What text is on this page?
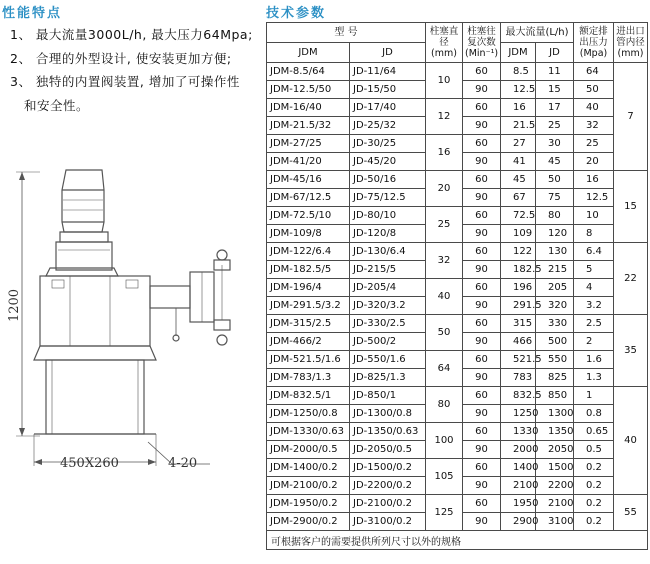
性能特点
1、 最大流量3000L/h, 最大压力64Mpa;
2、 合理的外型设计, 使安装更加方便;
3、 独特的内置阀装置, 增加了可操作性
和安全性。
1200
450X260	4-20
技术参数
型 号		柱塞直径
(mm)	柱塞往复次数
(Min⁻¹)	最大流量(L/h)		额定排出压力
(Mpa)	进出口管内径
(mm)
JDM	JD			JDM	JD		
JDM-8.5/64	JD-11/64	10	60	8.5	11	64	7
JDM-12.5/50	JD-15/50		90	12.5	15	50	
JDM-16/40	JD-17/40	12	60	16	17	40	
JDM-21.5/32	JD-25/32		90	21.5	25	32	
JDM-27/25	JD-30/25	16	60	27	30	25	
JDM-41/20	JD-45/20		90	41	45	20	
JDM-45/16	JD-50/16	20	60	45	50	16	15
JDM-67/12.5	JD-75/12.5		90	67	75	12.5	
JDM-72.5/10	JD-80/10	25	60	72.5	80	10	
JDM-109/8	JD-120/8		90	109	120	8	
JDM-122/6.4	JD-130/6.4	32	60	122	130	6.4	22
JDM-182.5/5	JD-215/5		90	182.5	215	5	
JDM-196/4	JD-205/4	40	60	196	205	4	
JDM-291.5/3.2	JD-320/3.2		90	291.5	320	3.2	
JDM-315/2.5	JD-330/2.5	50	60	315	330	2.5	35
JDM-466/2	JD-500/2		90	466	500	2	
JDM-521.5/1.6	JD-550/1.6	64	60	521.5	550	1.6	
JDM-783/1.3	JD-825/1.3		90	783	825	1.3	
JDM-832.5/1	JD-850/1	80	60	832.5	850	1	40
JDM-1250/0.8	JD-1300/0.8		90	1250	1300	0.8	
JDM-1330/0.63	JD-1350/0.63	100	60	1330	1350	0.65	
JDM-2000/0.5	JD-2050/0.5		90	2000	2050	0.5	
JDM-1400/0.2	JD-1500/0.2	105	60	1400	1500	0.2	
JDM-2100/0.2	JD-2200/0.2		90	2100	2200	0.2	
JDM-1950/0.2	JD-2100/0.2	125	60	1950	2100	0.2	55
JDM-2900/0.2	JD-3100/0.2		90	2900	3100	0.2	
可根据客户的需要提供所列尺寸以外的规格							
